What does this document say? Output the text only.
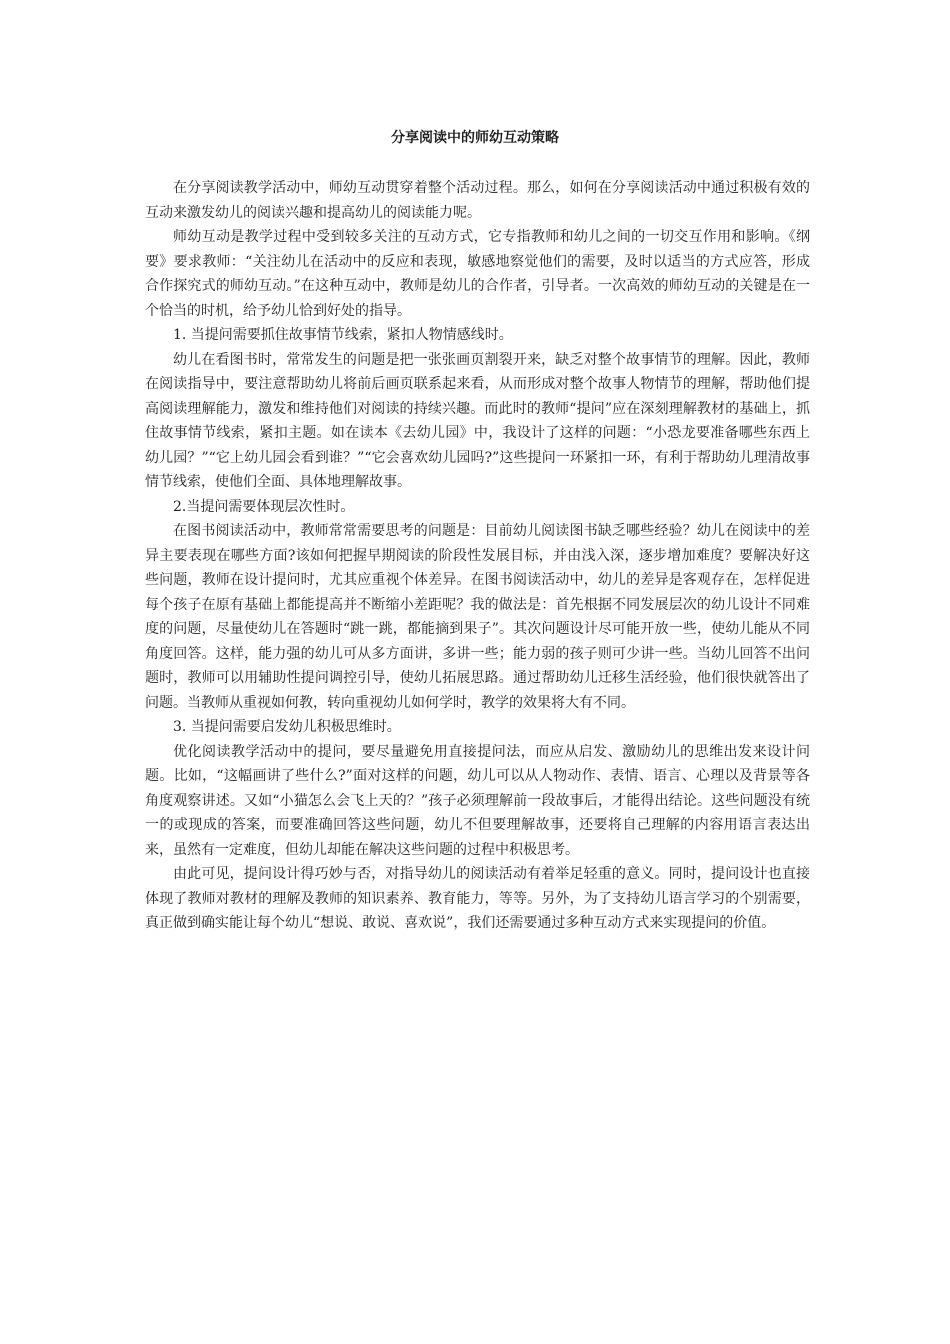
分享阅读中的师幼互动策略

在分享阅读教学活动中，师幼互动贯穿着整个活动过程。那么，如何在分享阅读活动中通过积极有效的互动来激发幼儿的阅读兴趣和提高幼儿的阅读能力呢。

师幼互动是教学过程中受到较多关注的互动方式，它专指教师和幼儿之间的一切交互作用和影响。《纲要》要求教师：“关注幼儿在活动中的反应和表现，敏感地察觉他们的需要，及时以适当的方式应答，形成合作探究式的师幼互动。”在这种互动中，教师是幼儿的合作者，引导者。一次高效的师幼互动的关键是在一个恰当的时机，给予幼儿恰到好处的指导。

1. 当提问需要抓住故事情节线索，紧扣人物情感线时。

幼儿在看图书时，常常发生的问题是把一张张画页割裂开来，缺乏对整个故事情节的理解。因此，教师在阅读指导中，要注意帮助幼儿将前后画页联系起来看，从而形成对整个故事人物情节的理解，帮助他们提高阅读理解能力，激发和维持他们对阅读的持续兴趣。而此时的教师“提问”应在深刻理解教材的基础上，抓住故事情节线索，紧扣主题。如在读本《去幼儿园》中，我设计了这样的问题：“小恐龙要准备哪些东西上幼儿园？”“它上幼儿园会看到谁？”“它会喜欢幼儿园吗?”这些提问一环紧扣一环，有利于帮助幼儿理清故事情节线索，使他们全面、具体地理解故事。

2.当提问需要体现层次性时。

在图书阅读活动中，教师常常需要思考的问题是：目前幼儿阅读图书缺乏哪些经验？幼儿在阅读中的差异主要表现在哪些方面?该如何把握早期阅读的阶段性发展目标，并由浅入深，逐步增加难度？要解决好这些问题，教师在设计提问时，尤其应重视个体差异。在图书阅读活动中，幼儿的差异是客观存在，怎样促进每个孩子在原有基础上都能提高并不断缩小差距呢？我的做法是：首先根据不同发展层次的幼儿设计不同难度的问题，尽量使幼儿在答题时“跳一跳，都能摘到果子”。其次问题设计尽可能开放一些，使幼儿能从不同角度回答。这样，能力强的幼儿可从多方面讲，多讲一些；能力弱的孩子则可少讲一些。当幼儿回答不出问题时，教师可以用辅助性提问调控引导，使幼儿拓展思路。通过帮助幼儿迁移生活经验，他们很快就答出了问题。当教师从重视如何教，转向重视幼儿如何学时，教学的效果将大有不同。

3. 当提问需要启发幼儿积极思维时。

优化阅读教学活动中的提问，要尽量避免用直接提问法，而应从启发、激励幼儿的思维出发来设计问题。比如，“这幅画讲了些什么?”面对这样的问题，幼儿可以从人物动作、表情、语言、心理以及背景等各角度观察讲述。又如“小猫怎么会飞上天的？”孩子必须理解前一段故事后，才能得出结论。这些问题没有统一的或现成的答案，而要准确回答这些问题，幼儿不但要理解故事，还要将自己理解的内容用语言表达出来，虽然有一定难度，但幼儿却能在解决这些问题的过程中积极思考。

由此可见，提问设计得巧妙与否，对指导幼儿的阅读活动有着举足轻重的意义。同时，提问设计也直接体现了教师对教材的理解及教师的知识素养、教育能力，等等。另外，为了支持幼儿语言学习的个别需要，真正做到确实能让每个幼儿“想说、敢说、喜欢说”，我们还需要通过多种互动方式来实现提问的价值。
